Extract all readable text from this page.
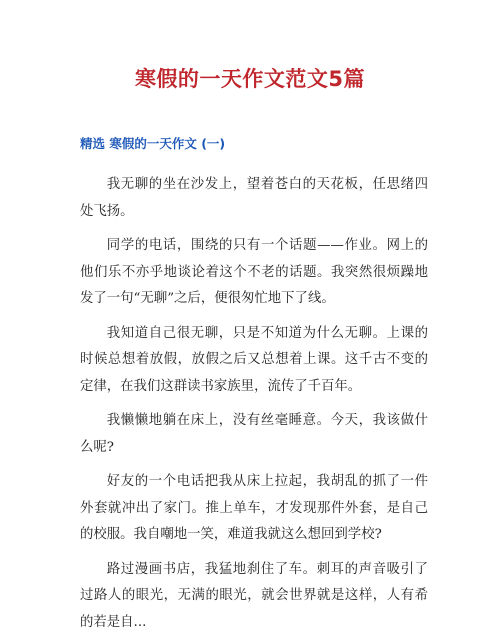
寒假的一天作文范文5篇
精选 寒假的一天作文 (一)

我无聊的坐在沙发上，望着苍白的天花板，任思绪四处飞扬。

同学的电话，围绕的只有一个话题——作业。网上的他们乐不亦乎地谈论着这个不老的话题。我突然很烦躁地发了一句“无聊”之后，便很匆忙地下了线。

我知道自己很无聊，只是不知道为什么无聊。上课的时候总想着放假，放假之后又总想着上课。这千古不变的定律，在我们这群读书家族里，流传了千百年。

我懒懒地躺在床上，没有丝毫睡意。今天，我该做什么呢?

好友的一个电话把我从床上拉起，我胡乱的抓了一件外套就冲出了家门。推上单车，才发现那件外套，是自己的校服。我自嘲地一笑，难道我就这么想回到学校?

路过漫画书店，我猛地刹住了车。刺耳的声音吸引了过路人的眼光，无满的眼光，就会世界就是这样，人有希的若是自...
